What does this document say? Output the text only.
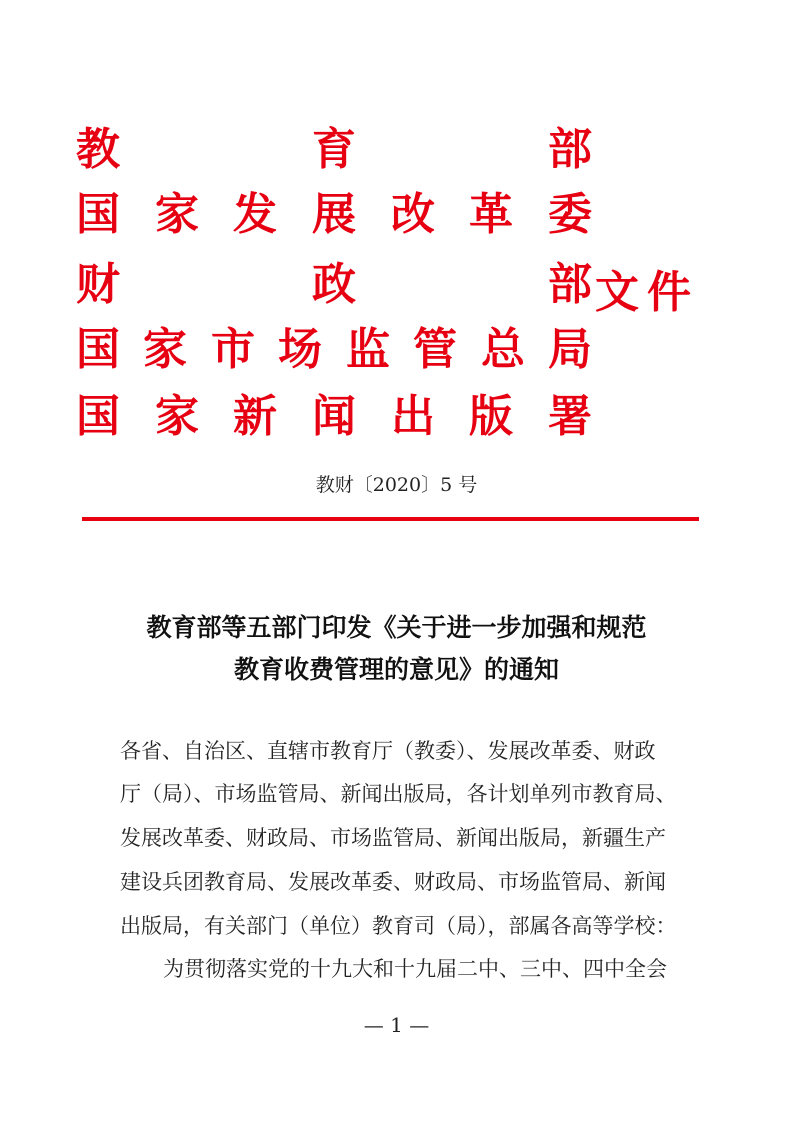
教	育	部
国 家 发 展 改 革 委
财	政	部 文件
国 家 市 场 监 管 总 局
国 家 新 闻 出 版 署
教财〔2020〕5 号
教育部等五部门印发《关于进一步加强和规范
教育收费管理的意见》的通知
各省、自治区、直辖市教育厅（教委）、发展改革委、财政
厅（局）、市场监管局、新闻出版局，各计划单列市教育局、
发展改革委、财政局、市场监管局、新闻出版局，新疆生产
建设兵团教育局、发展改革委、财政局、市场监管局、新闻
出版局，有关部门（单位）教育司（局），部属各高等学校：
为贯彻落实党的十九大和十九届二中、三中、四中全会
— 1 —
